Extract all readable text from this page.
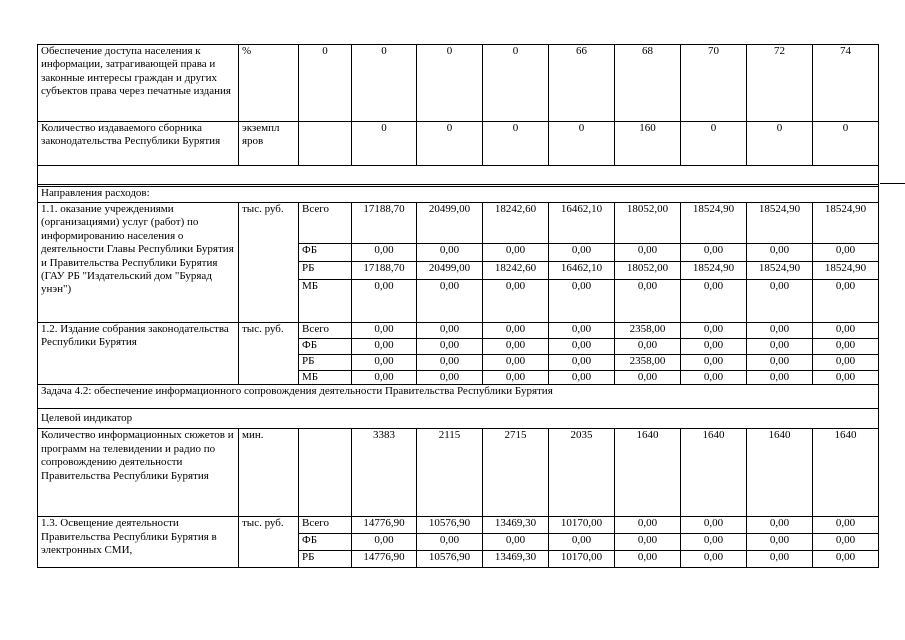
Обеспечение доступа населения к информации, затрагивающей права и законные интересы граждан и других субъектов права через печатные издания	%	0	0	0	0	66	68	70	72	74
Количество издаваемого сборника законодательства Республики Бурятия	экземпл яров		0	0	0	0	160	0	0	0

Направления расходов:										
1.1. оказание учреждениями (организациями) услуг (работ) по информированию населения о деятельности Главы Республики Бурятия и Правительства Республики Бурятия (ГАУ РБ "Издательский дом "Буряад унэн")	тыс. руб.	Всего	17188,70	20499,00	18242,60	16462,10	18052,00	18524,90	18524,90	18524,90
		ФБ	0,00	0,00	0,00	0,00	0,00	0,00	0,00	0,00
		РБ	17188,70	20499,00	18242,60	16462,10	18052,00	18524,90	18524,90	18524,90
		МБ	0,00	0,00	0,00	0,00	0,00	0,00	0,00	0,00
1.2. Издание собрания законодательства Республики Бурятия	тыс. руб.	Всего	0,00	0,00	0,00	0,00	2358,00	0,00	0,00	0,00
		ФБ	0,00	0,00	0,00	0,00	0,00	0,00	0,00	0,00
		РБ	0,00	0,00	0,00	0,00	2358,00	0,00	0,00	0,00
		МБ	0,00	0,00	0,00	0,00	0,00	0,00	0,00	0,00
Задача 4.2: обеспечение информационного сопровождения деятельности Правительства Республики Бурятия										
Целевой индикатор										
Количество информационных сюжетов и программ на телевидении и радио по сопровождению деятельности Правительства Республики Бурятия	мин.		3383	2115	2715	2035	1640	1640	1640	1640
1.3. Освещение деятельности Правительства Республики Бурятия в электронных СМИ,	тыс. руб.	Всего	14776,90	10576,90	13469,30	10170,00	0,00	0,00	0,00	0,00
		ФБ	0,00	0,00	0,00	0,00	0,00	0,00	0,00	0,00
		РБ	14776,90	10576,90	13469,30	10170,00	0,00	0,00	0,00	0,00
